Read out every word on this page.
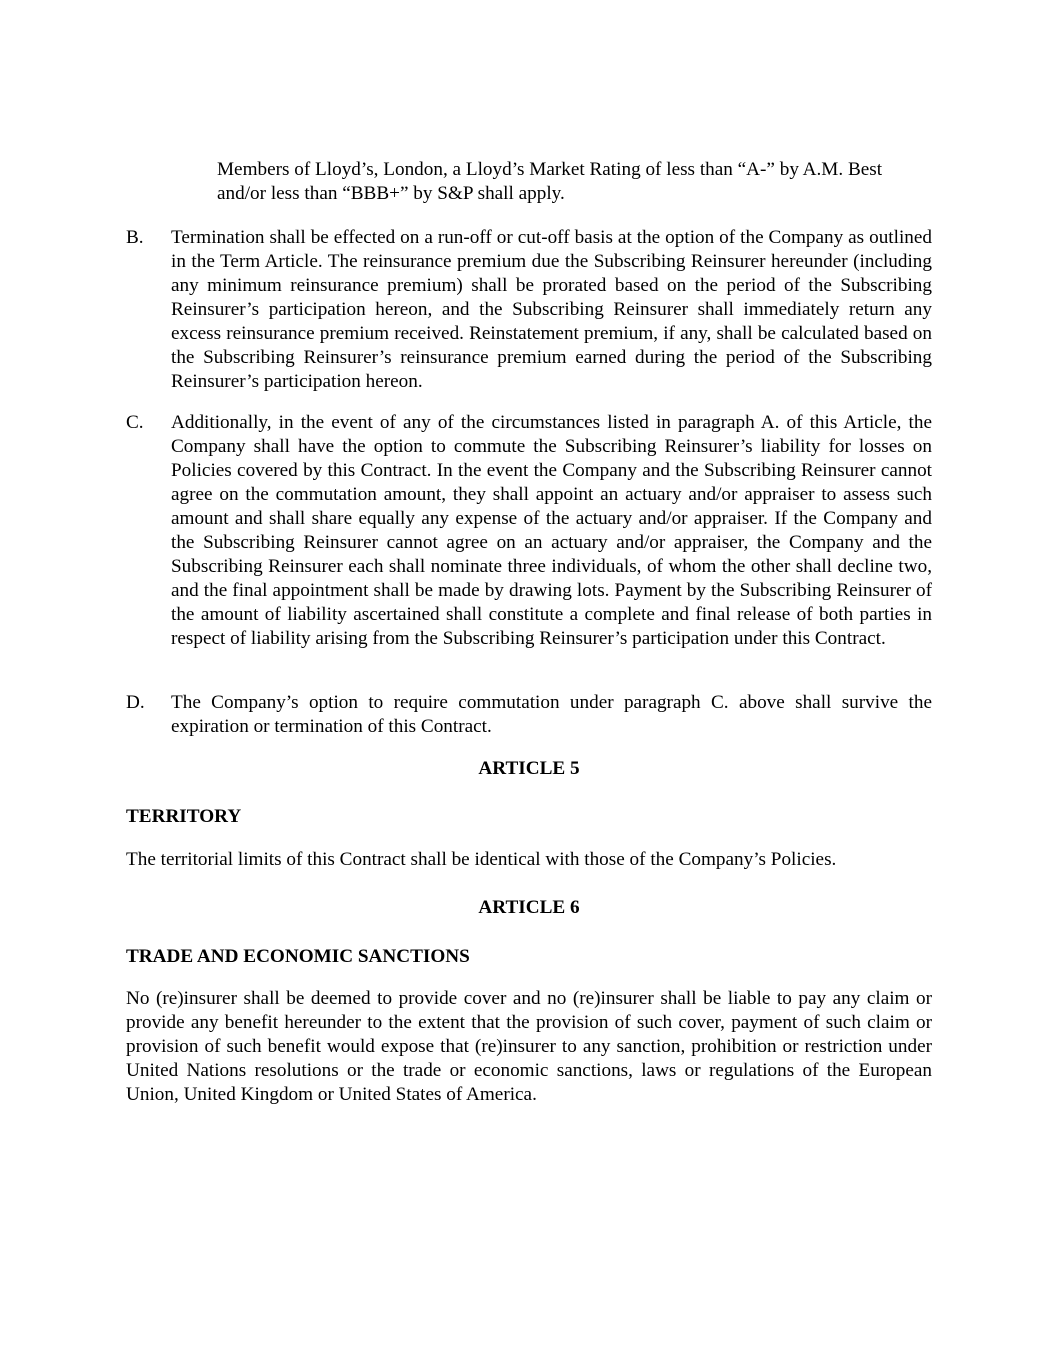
Members of Lloyd’s, London, a Lloyd’s Market Rating of less than “A-” by A.M. Best and/or less than “BBB+” by S&P shall apply.
B.	Termination shall be effected on a run-off or cut-off basis at the option of the Company as outlined in the Term Article. The reinsurance premium due the Subscribing Reinsurer hereunder (including any minimum reinsurance premium) shall be prorated based on the period of the Subscribing Reinsurer’s participation hereon, and the Subscribing Reinsurer shall immediately return any excess reinsurance premium received. Reinstatement premium, if any, shall be calculated based on the Subscribing Reinsurer’s reinsurance premium earned during the period of the Subscribing Reinsurer’s participation hereon.
C.	Additionally, in the event of any of the circumstances listed in paragraph A. of this Article, the Company shall have the option to commute the Subscribing Reinsurer’s liability for losses on Policies covered by this Contract. In the event the Company and the Subscribing Reinsurer cannot agree on the commutation amount, they shall appoint an actuary and/or appraiser to assess such amount and shall share equally any expense of the actuary and/or appraiser. If the Company and the Subscribing Reinsurer cannot agree on an actuary and/or appraiser, the Company and the Subscribing Reinsurer each shall nominate three individuals, of whom the other shall decline two, and the final appointment shall be made by drawing lots. Payment by the Subscribing Reinsurer of the amount of liability ascertained shall constitute a complete and final release of both parties in respect of liability arising from the Subscribing Reinsurer’s participation under this Contract.
D.	The Company’s option to require commutation under paragraph C. above shall survive the expiration or termination of this Contract.
ARTICLE 5
TERRITORY
The territorial limits of this Contract shall be identical with those of the Company’s Policies.
ARTICLE 6
TRADE AND ECONOMIC SANCTIONS
No (re)insurer shall be deemed to provide cover and no (re)insurer shall be liable to pay any claim or provide any benefit hereunder to the extent that the provision of such cover, payment of such claim or provision of such benefit would expose that (re)insurer to any sanction, prohibition or restriction under United Nations resolutions or the trade or economic sanctions, laws or regulations of the European Union, United Kingdom or United States of America.
